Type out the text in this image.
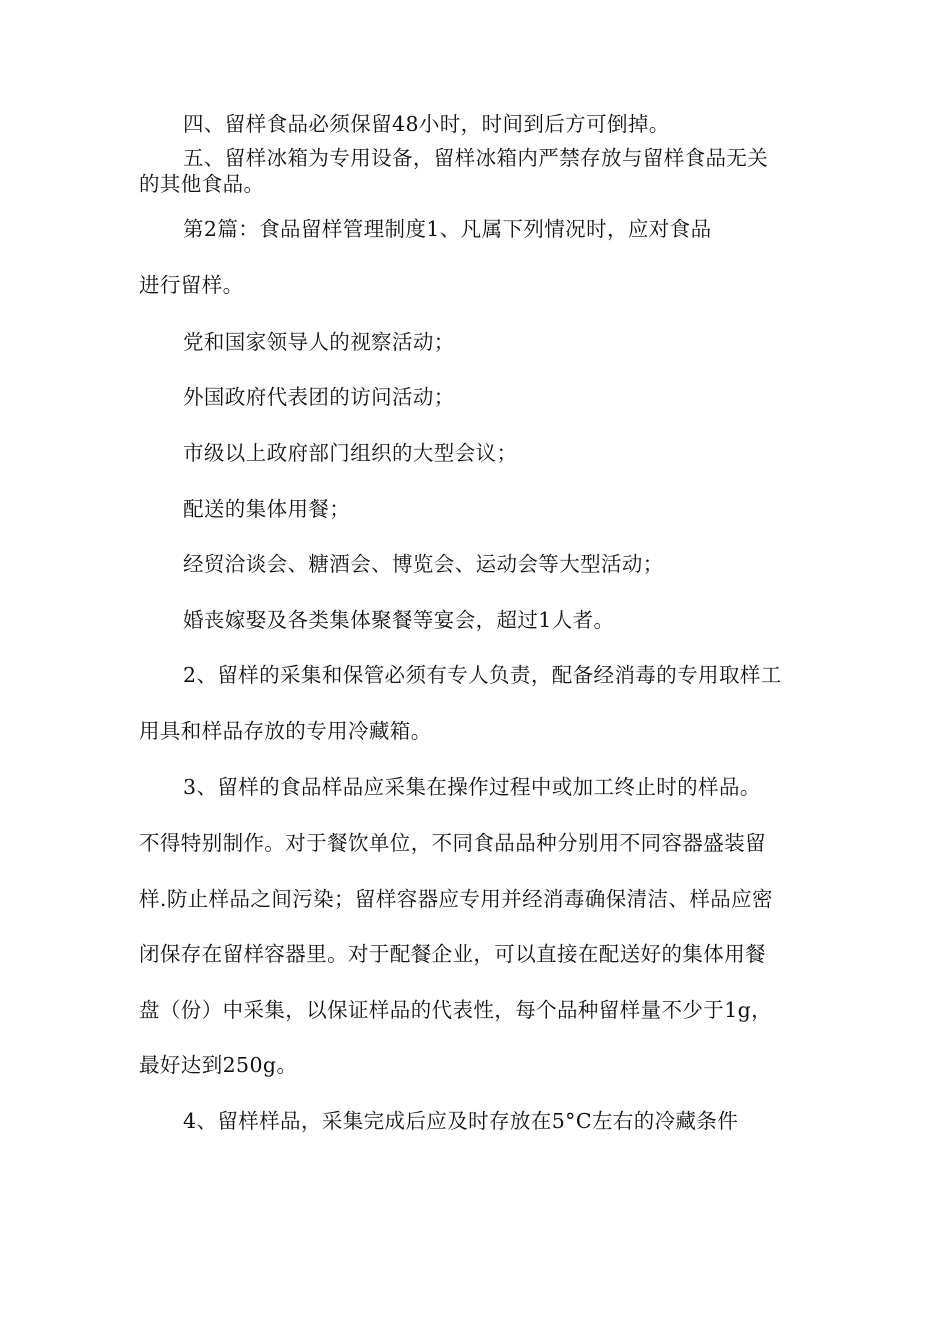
四、留样食品必须保留48小时，时间到后方可倒掉。
五、留样冰箱为专用设备，留样冰箱内严禁存放与留样食品无关
的其他食品。
第2篇：食品留样管理制度1、凡属下列情况时，应对食品
进行留样。
党和国家领导人的视察活动；
外国政府代表团的访问活动；
市级以上政府部门组织的大型会议；
配送的集体用餐；
经贸洽谈会、糖酒会、博览会、运动会等大型活动；
婚丧嫁娶及各类集体聚餐等宴会，超过1人者。
2、留样的采集和保管必须有专人负责，配备经消毒的专用取样工
用具和样品存放的专用冷藏箱。
3、留样的食品样品应采集在操作过程中或加工终止时的样品。
不得特别制作。对于餐饮单位，不同食品品种分别用不同容器盛装留
样.防止样品之间污染；留样容器应专用并经消毒确保清洁、样品应密
闭保存在留样容器里。对于配餐企业，可以直接在配送好的集体用餐
盘（份）中采集，以保证样品的代表性，每个品种留样量不少于1g，
最好达到250g。
4、留样样品，采集完成后应及时存放在5°C左右的冷藏条件
